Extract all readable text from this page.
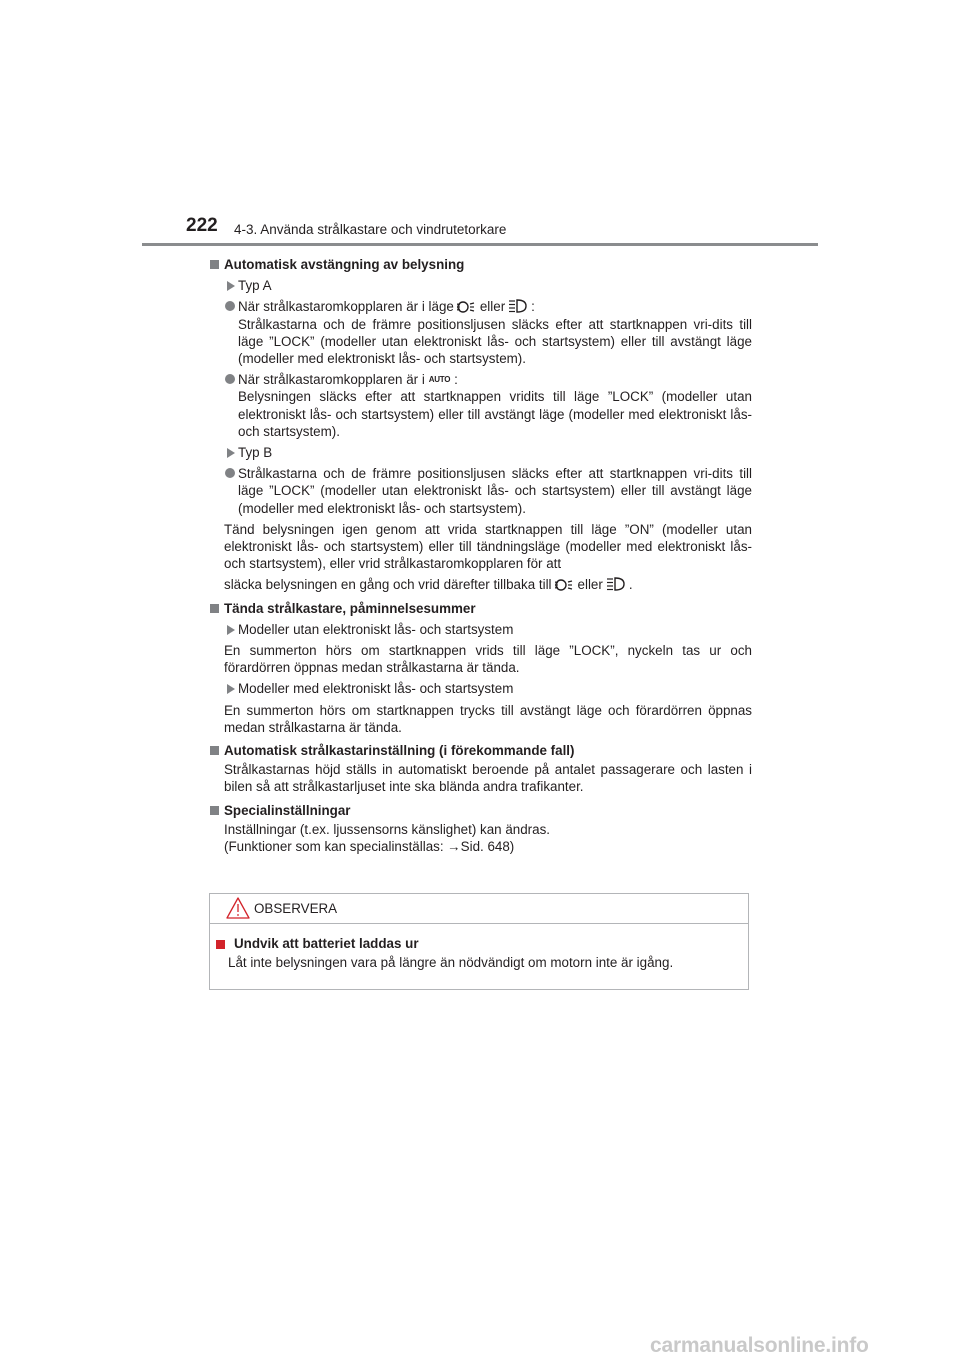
222 4-3. Använda strålkastare och vindrutetorkare
Automatisk avstängning av belysning
Typ A
När strålkastaromkopplaren är i läge eller :
Strålkastarna och de främre positionsljusen släcks efter att startknappen vri-dits till läge ”LOCK” (modeller utan elektroniskt lås- och startsystem) eller till avstängt läge (modeller med elektroniskt lås- och startsystem).
När strålkastaromkopplaren är i AUTO :
Belysningen släcks efter att startknappen vridits till läge ”LOCK” (modeller utan elektroniskt lås- och startsystem) eller till avstängt läge (modeller med elektroniskt lås- och startsystem).
Typ B
Strålkastarna och de främre positionsljusen släcks efter att startknappen vri-dits till läge ”LOCK” (modeller utan elektroniskt lås- och startsystem) eller till avstängt läge (modeller med elektroniskt lås- och startsystem).
Tänd belysningen igen genom att vrida startknappen till läge ”ON” (modeller utan elektroniskt lås- och startsystem) eller till tändningsläge (modeller med elektroniskt lås- och startsystem), eller vrid strålkastaromkopplaren för att
släcka belysningen en gång och vrid därefter tillbaka till eller .
Tända strålkastare, påminnelsesummer
Modeller utan elektroniskt lås- och startsystem
En summerton hörs om startknappen vrids till läge ”LOCK”, nyckeln tas ur och förardörren öppnas medan strålkastarna är tända.
Modeller med elektroniskt lås- och startsystem
En summerton hörs om startknappen trycks till avstängt läge och förardörren öppnas medan strålkastarna är tända.
Automatisk strålkastarinställning (i förekommande fall)
Strålkastarnas höjd ställs in automatiskt beroende på antalet passagerare och lasten i bilen så att strålkastarljuset inte ska blända andra trafikanter.
Specialinställningar
Inställningar (t.ex. ljussensorns känslighet) kan ändras.
(Funktioner som kan specialinställas: →Sid. 648)
OBSERVERA
Undvik att batteriet laddas ur
Låt inte belysningen vara på längre än nödvändigt om motorn inte är igång.
carmanualsonline.info
